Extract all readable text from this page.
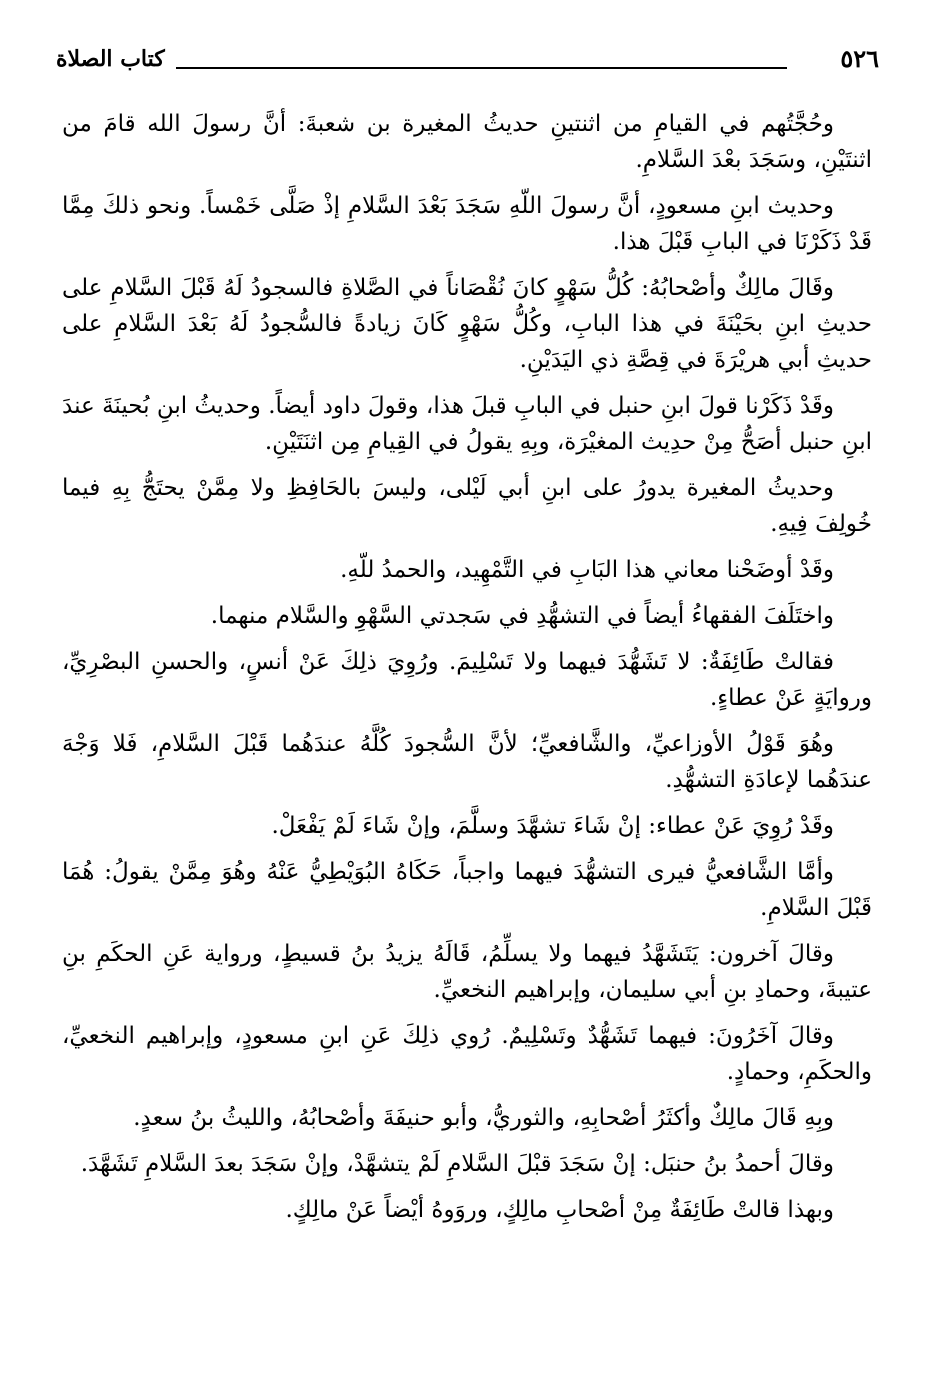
٥٢٦
كتاب الصلاة

وحُجَّتُهم في القيامِ من اثنتينِ حديثُ المغيرة بن شعبةَ: أنَّ رسولَ الله قامَ من اثنتَيْنِ، وسَجَدَ بعْدَ السَّلامِ.

وحديث ابنِ مسعودٍ، أنَّ رسولَ اللّهِ سَجَدَ بَعْدَ السَّلامِ إذْ صَلَّى خَمْساً. ونحو ذلكَ مِمَّا قَدْ ذَكَرْنَا في البابِ قَبْلَ هذا.

وقَالَ مالِكٌ وأصْحابُهُ: كُلُّ سَهْوٍ كانَ نُقْصَاناً في الصَّلاةِ فالسجودُ لَهُ قَبْلَ السَّلامِ على حديثِ ابنِ بحَيْنَةَ في هذا البابِ، وكُلُّ سَهْوٍ كَانَ زيادةً فالسُّجودُ لَهُ بَعْدَ السَّلامِ على حديثِ أبي هريْرَةَ في قِصَّةِ ذي اليَدَيْنِ.

وقَدْ ذَكَرْنا قولَ ابنِ حنبل في البابِ قبلَ هذا، وقولَ داود أيضاً. وحديثُ ابنِ بُحينَةَ عندَ ابنِ حنبل أصَحُّ مِنْ حدِيث المغيْرَة، وبِهِ يقولُ في القِيامِ مِن اثنَتَيْنِ.

وحديثُ المغيرة يدورُ على ابنِ أبي لَيْلى، وليسَ بالحَافِظِ ولا مِمَّنْ يحتَجُّ بِهِ فيما خُولِفَ فِيهِ.

وقَدْ أوضَحْنا معاني هذا البَابِ في التَّمْهِيد، والحمدُ للّهِ.

واختَلَفَ الفقهاءُ أيضاً في التشهُّدِ في سَجدتي السَّهْوِ والسَّلام منهما.

فقالتْ طَائِفَةٌ: لا تَشَهُّدَ فيهما ولا تَسْلِيمَ. ورُوِيَ ذلِكَ عَنْ أنسٍ، والحسنِ البصْرِيِّ، وروايَةٍ عَنْ عطاءٍ.

وهُوَ قَوْلُ الأوزاعيِّ، والشَّافعيِّ؛ لأنَّ السُّجودَ كُلَّهُ عندَهُما قَبْلَ السَّلامِ، فَلا وَجْهَ عندَهُما لإعادَةِ التشهُّدِ.

وقَدْ رُوِيَ عَنْ عطاء: إنْ شَاءَ تشهَّدَ وسلَّمَ، وإنْ شَاءَ لَمْ يَفْعَلْ.

وأمَّا الشَّافعيُّ فيرى التشهُّدَ فيهما واجباً، حَكَاهُ البُوَيْطِيُّ عَنْهُ وهُوَ مِمَّنْ يقولُ: هُمَا قَبْلَ السَّلامِ.

وقالَ آخرون: يَتَشَهَّدُ فيهما ولا يسلِّمُ، قَالَهُ يزيدُ بنُ قسيطٍ، ورواية عَنِ الحكَمِ بنِ عتيبةَ، وحمادِ بنِ أبي سليمان، وإبراهيم النخعيِّ.

وقالَ آخَرُونَ: فيهما تَشَهُّدٌ وتَسْلِيمٌ. رُوي ذلِكَ عَنِ ابنِ مسعودٍ، وإبراهيم النخعيِّ، والحكَمِ، وحمادٍ.

وبِهِ قَالَ مالِكٌ وأكثَرُ أصْحابِهِ، والثوريُّ، وأبو حنيفَةَ وأصْحابُهُ، والليثُ بنُ سعدٍ.

وقالَ أحمدُ بنُ حنبَل: إنْ سَجَدَ قبْلَ السَّلامِ لَمْ يتشهَّدْ، وإنْ سَجَدَ بعدَ السَّلامِ تَشَهَّدَ.

وبهذا قالتْ طَائِفَةٌ مِنْ أصْحابِ مالِكٍ، وروَوهُ أيْضاً عَنْ مالِكٍ.
